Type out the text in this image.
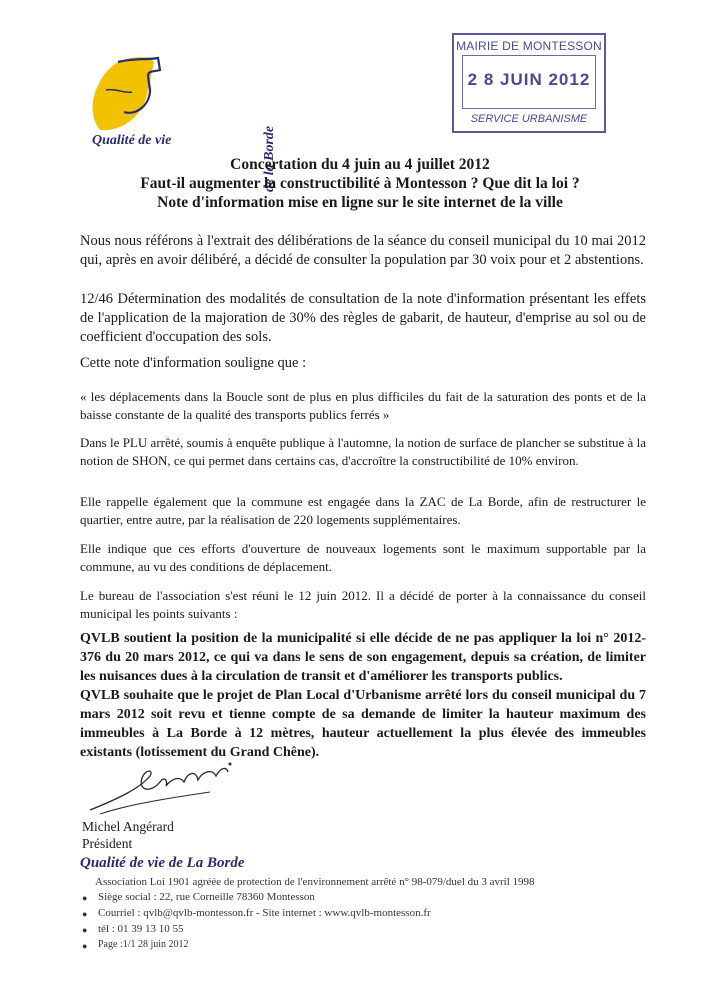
de la Borde
Qualité de vie
MAIRIE DE MONTESSON
2 8 JUIN 2012
SERVICE URBANISME
Concertation du 4 juin au 4 juillet 2012
Faut-il augmenter la constructibilité à Montesson ? Que dit la loi ?
Note d'information mise en ligne sur le site internet de la ville
Nous nous référons à l'extrait des délibérations de la séance du conseil municipal du 10 mai 2012 qui, après en avoir délibéré, a décidé de consulter la population par 30 voix pour et 2 abstentions.
12/46 Détermination des modalités de consultation de la note d'information présentant les effets de l'application de la majoration de 30% des règles de gabarit, de hauteur, d'emprise au sol ou de coefficient d'occupation des sols.
Cette note d'information souligne que :
« les déplacements dans la Boucle sont de plus en plus difficiles du fait de la saturation des ponts et de la baisse constante de la qualité des transports publics ferrés »
Dans le PLU arrêté, soumis à enquête publique à l'automne, la notion de surface de plancher se substitue à la notion de SHON, ce qui permet dans certains cas, d'accroître la constructibilité de 10% environ.
Elle rappelle également que la commune est engagée dans la ZAC de La Borde, afin de restructurer le quartier, entre autre, par la réalisation de 220 logements supplémentaires.
Elle indique que ces efforts d'ouverture de nouveaux logements sont le maximum supportable par la commune, au vu des conditions de déplacement.
Le bureau de l'association s'est réuni le 12 juin 2012. Il a décidé de porter à la connaissance du conseil municipal les points suivants :
QVLB soutient la position de la municipalité si elle décide de ne pas appliquer la loi n° 2012-376 du 20 mars 2012, ce qui va dans le sens de son engagement, depuis sa création, de limiter les nuisances dues à la circulation de transit et d'améliorer les transports publics.
QVLB souhaite que le projet de Plan Local d'Urbanisme arrêté lors du conseil municipal du 7 mars 2012 soit revu et tienne compte de sa demande de limiter la hauteur maximum des immeubles à La Borde à 12 mètres, hauteur actuellement la plus élevée des immeubles existants (lotissement du Grand Chêne).
Michel Angérard
Président
Qualité de vie de La Borde
Association Loi 1901 agréée de protection de l'environnement arrêté n° 98-079/duel du 3 avril 1998
● Siège social : 22, rue Corneille 78360 Montesson
● Courriel : qvlb@qvlb-montesson.fr - Site internet : www.qvlb-montesson.fr
● tél : 01 39 13 10 55
● Page :1/1 28 juin 2012
